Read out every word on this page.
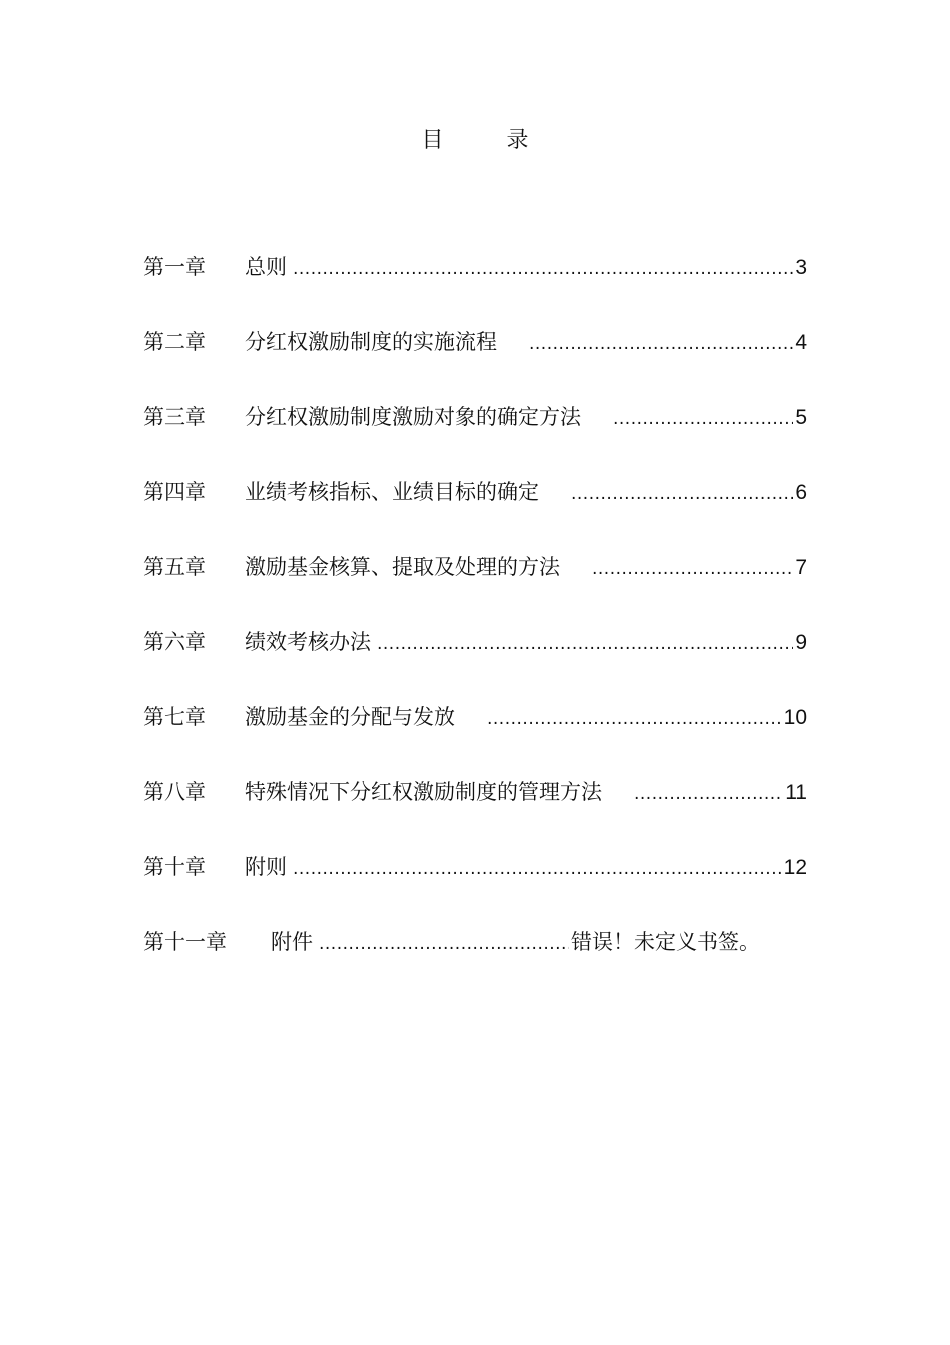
目 录
第一章	总则 .....	3
第二章	分红权激励制度的实施流程 .....	4
第三章	分红权激励制度激励对象的确定方法 .....	5
第四章	业绩考核指标、业绩目标的确定 .....	6
第五章	激励基金核算、提取及处理的方法 .....	7
第六章	绩效考核办法 .....	9
第七章	激励基金的分配与发放 .....	10
第八章	特殊情况下分红权激励制度的管理方法 .....	11
第十章	附则 .....	12
第十一章	附件 .....	错误！未定义书签。
